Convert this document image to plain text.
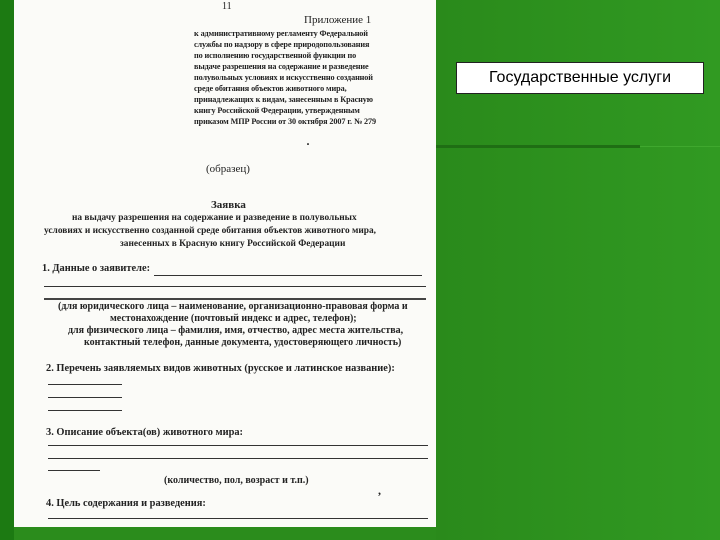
Государственные услуги
11
Приложение 1
к административному регламенту Федеральной
службы по надзору в сфере природопользования
по исполнению государственной функции по
выдаче разрешения на содержание и разведение
полувольных условиях и искусственно созданной
среде обитания объектов животного мира,
принадлежащих к видам, занесенным в Красную
книгу Российской Федерации, утвержденным
приказом МПР России от 30 октября 2007 г. № 279
·
(образец)
Заявка
на выдачу разрешения на содержание и разведение в полувольных
условиях и искусственно созданной среде обитания объектов животного мира,
занесенных в Красную книгу Российской Федерации
1. Данные о заявителе:
(для юридического лица – наименование, организационно-правовая форма и
местонахождение (почтовый индекс и адрес, телефон);
для физического лица – фамилия, имя, отчество, адрес места жительства,
контактный телефон, данные документа, удостоверяющего личность)
2. Перечень заявляемых видов животных (русское и латинское название):
3. Описание объекта(ов) животного мира:
(количество, пол, возраст и т.п.)
,
4. Цель содержания и разведения:
